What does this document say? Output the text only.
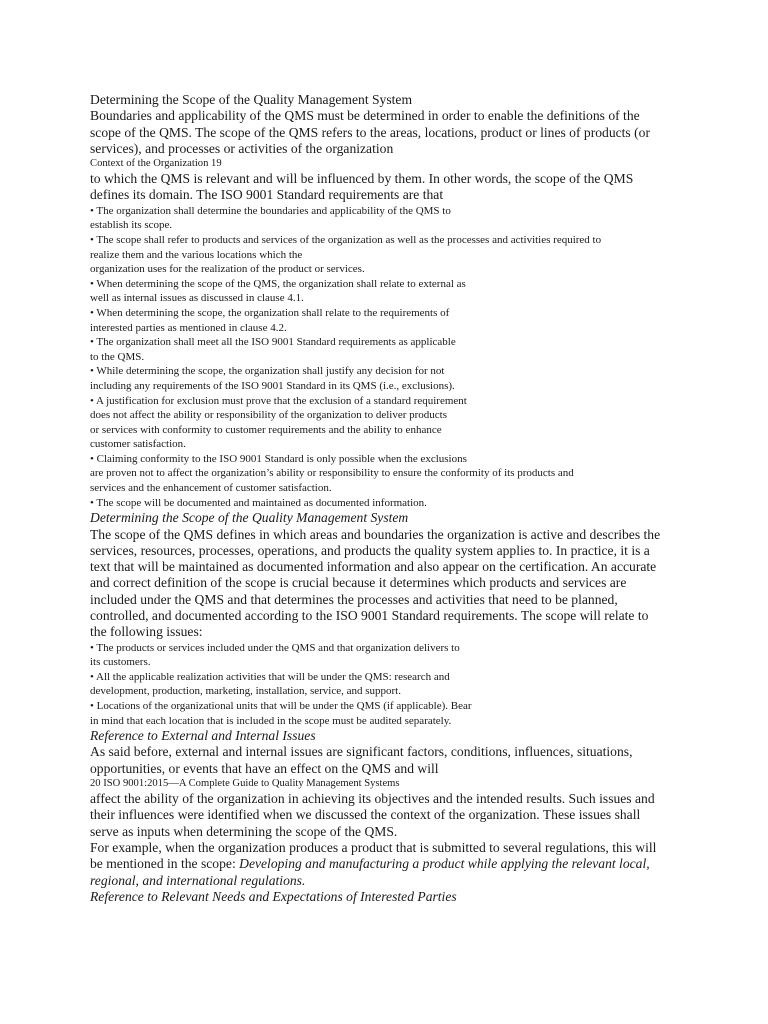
Determining the Scope of the Quality Management System
Boundaries and applicability of the QMS must be determined in order to enable the definitions of the
scope of the QMS. The scope of the QMS refers to the areas, locations, product or lines of products (or
services), and processes or activities of the organization
Context of the Organization 19
to which the QMS is relevant and will be influenced by them. In other words, the scope of the QMS
defines its domain. The ISO 9001 Standard requirements are that
• The organization shall determine the boundaries and applicability of the QMS to
establish its scope.
• The scope shall refer to products and services of the organization as well as the processes and activities required to
realize them and the various locations which the
organization uses for the realization of the product or services.
• When determining the scope of the QMS, the organization shall relate to external as
well as internal issues as discussed in clause 4.1.
• When determining the scope, the organization shall relate to the requirements of
interested parties as mentioned in clause 4.2.
• The organization shall meet all the ISO 9001 Standard requirements as applicable
to the QMS.
• While determining the scope, the organization shall justify any decision for not
including any requirements of the ISO 9001 Standard in its QMS (i.e., exclusions).
• A justification for exclusion must prove that the exclusion of a standard requirement
does not affect the ability or responsibility of the organization to deliver products
or services with conformity to customer requirements and the ability to enhance
customer satisfaction.
• Claiming conformity to the ISO 9001 Standard is only possible when the exclusions
are proven not to affect the organization’s ability or responsibility to ensure the conformity of its products and
services and the enhancement of customer satisfaction.
• The scope will be documented and maintained as documented information.
Determining the Scope of the Quality Management System
The scope of the QMS defines in which areas and boundaries the organization is active and describes the
services, resources, processes, operations, and products the quality system applies to. In practice, it is a
text that will be maintained as documented information and also appear on the certification. An accurate
and correct definition of the scope is crucial because it determines which products and services are
included under the QMS and that determines the processes and activities that need to be planned,
controlled, and documented according to the ISO 9001 Standard requirements. The scope will relate to
the following issues:
• The products or services included under the QMS and that organization delivers to
its customers.
• All the applicable realization activities that will be under the QMS: research and
development, production, marketing, installation, service, and support.
• Locations of the organizational units that will be under the QMS (if applicable). Bear
in mind that each location that is included in the scope must be audited separately.
Reference to External and Internal Issues
As said before, external and internal issues are significant factors, conditions, influences, situations,
opportunities, or events that have an effect on the QMS and will
20 ISO 9001:2015—A Complete Guide to Quality Management Systems
affect the ability of the organization in achieving its objectives and the intended results. Such issues and
their influences were identified when we discussed the context of the organization. These issues shall
serve as inputs when determining the scope of the QMS.
For example, when the organization produces a product that is submitted to several regulations, this will
be mentioned in the scope: Developing and manufacturing a product while applying the relevant local,
regional, and international regulations.
Reference to Relevant Needs and Expectations of Interested Parties
